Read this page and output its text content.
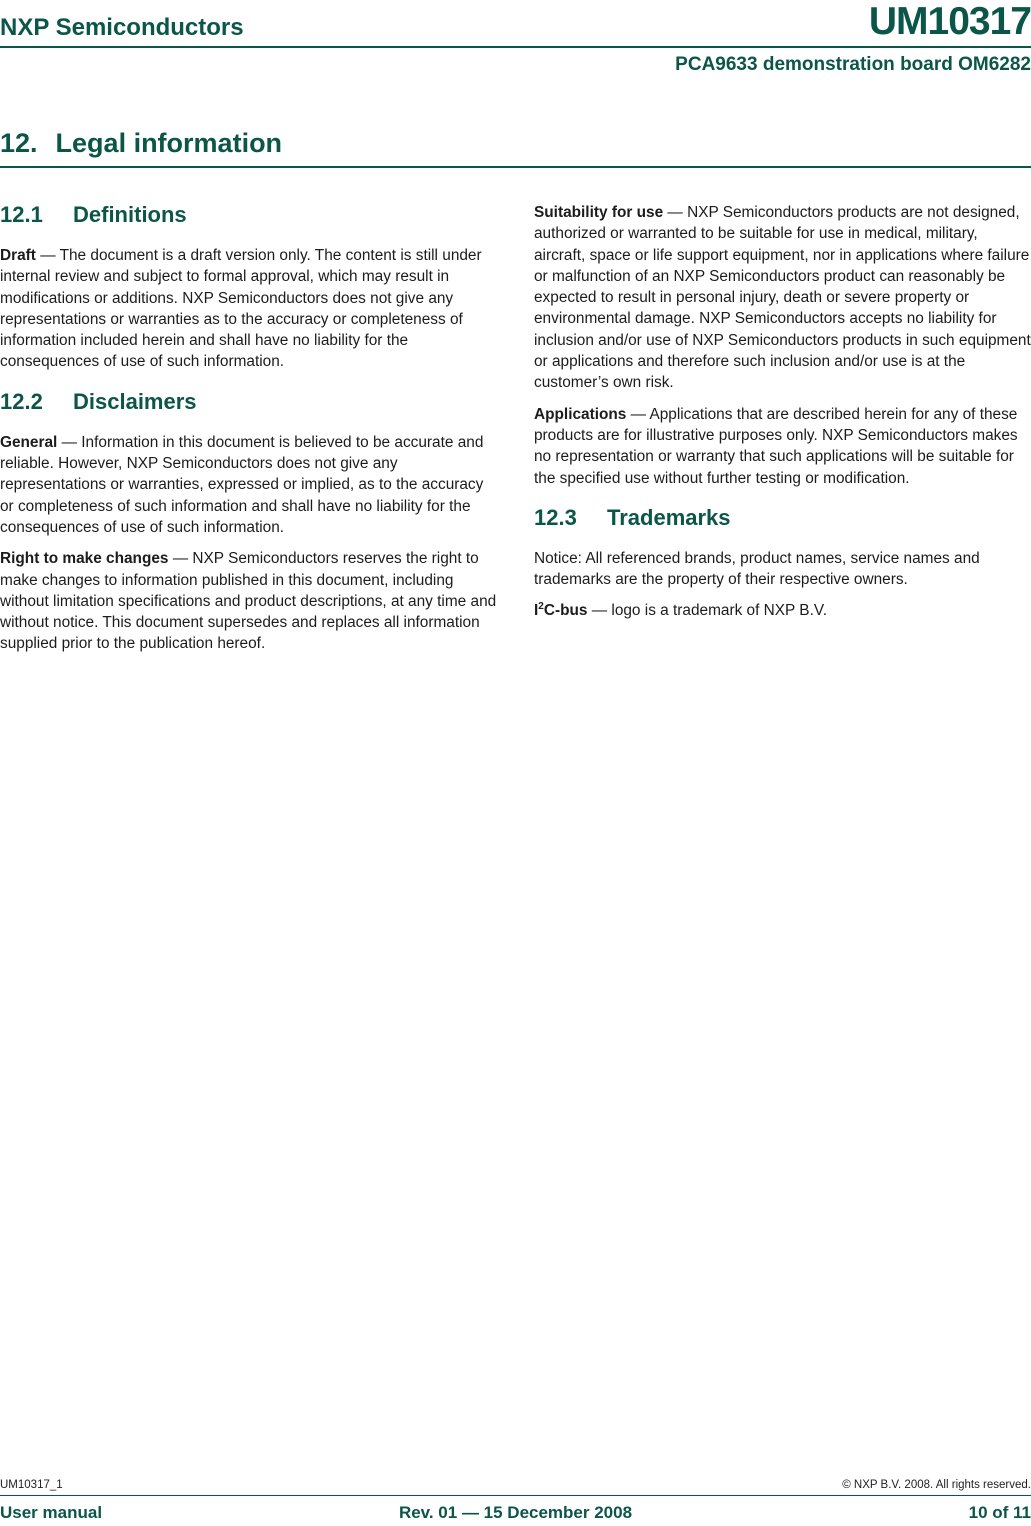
NXP Semiconductors	UM10317
PCA9633 demonstration board OM6282
12. Legal information
12.1	Definitions

Draft — The document is a draft version only. The content is still under internal review and subject to formal approval, which may result in modifications or additions. NXP Semiconductors does not give any representations or warranties as to the accuracy or completeness of information included herein and shall have no liability for the consequences of use of such information.

12.2	Disclaimers

General — Information in this document is believed to be accurate and reliable. However, NXP Semiconductors does not give any representations or warranties, expressed or implied, as to the accuracy or completeness of such information and shall have no liability for the consequences of use of such information.

Right to make changes — NXP Semiconductors reserves the right to make changes to information published in this document, including without limitation specifications and product descriptions, at any time and without notice. This document supersedes and replaces all information supplied prior to the publication hereof.

Suitability for use — NXP Semiconductors products are not designed, authorized or warranted to be suitable for use in medical, military, aircraft, space or life support equipment, nor in applications where failure or malfunction of an NXP Semiconductors product can reasonably be expected to result in personal injury, death or severe property or environmental damage. NXP Semiconductors accepts no liability for inclusion and/or use of NXP Semiconductors products in such equipment or applications and therefore such inclusion and/or use is at the customer’s own risk.

Applications — Applications that are described herein for any of these products are for illustrative purposes only. NXP Semiconductors makes no representation or warranty that such applications will be suitable for the specified use without further testing or modification.

12.3	Trademarks

Notice: All referenced brands, product names, service names and trademarks are the property of their respective owners.

$I^2C$-bus — logo is a trademark of NXP B.V.

UM10317_1	© NXP B.V. 2008. All rights reserved.
User manual	Rev. 01 — 15 December 2008	10 of 11
